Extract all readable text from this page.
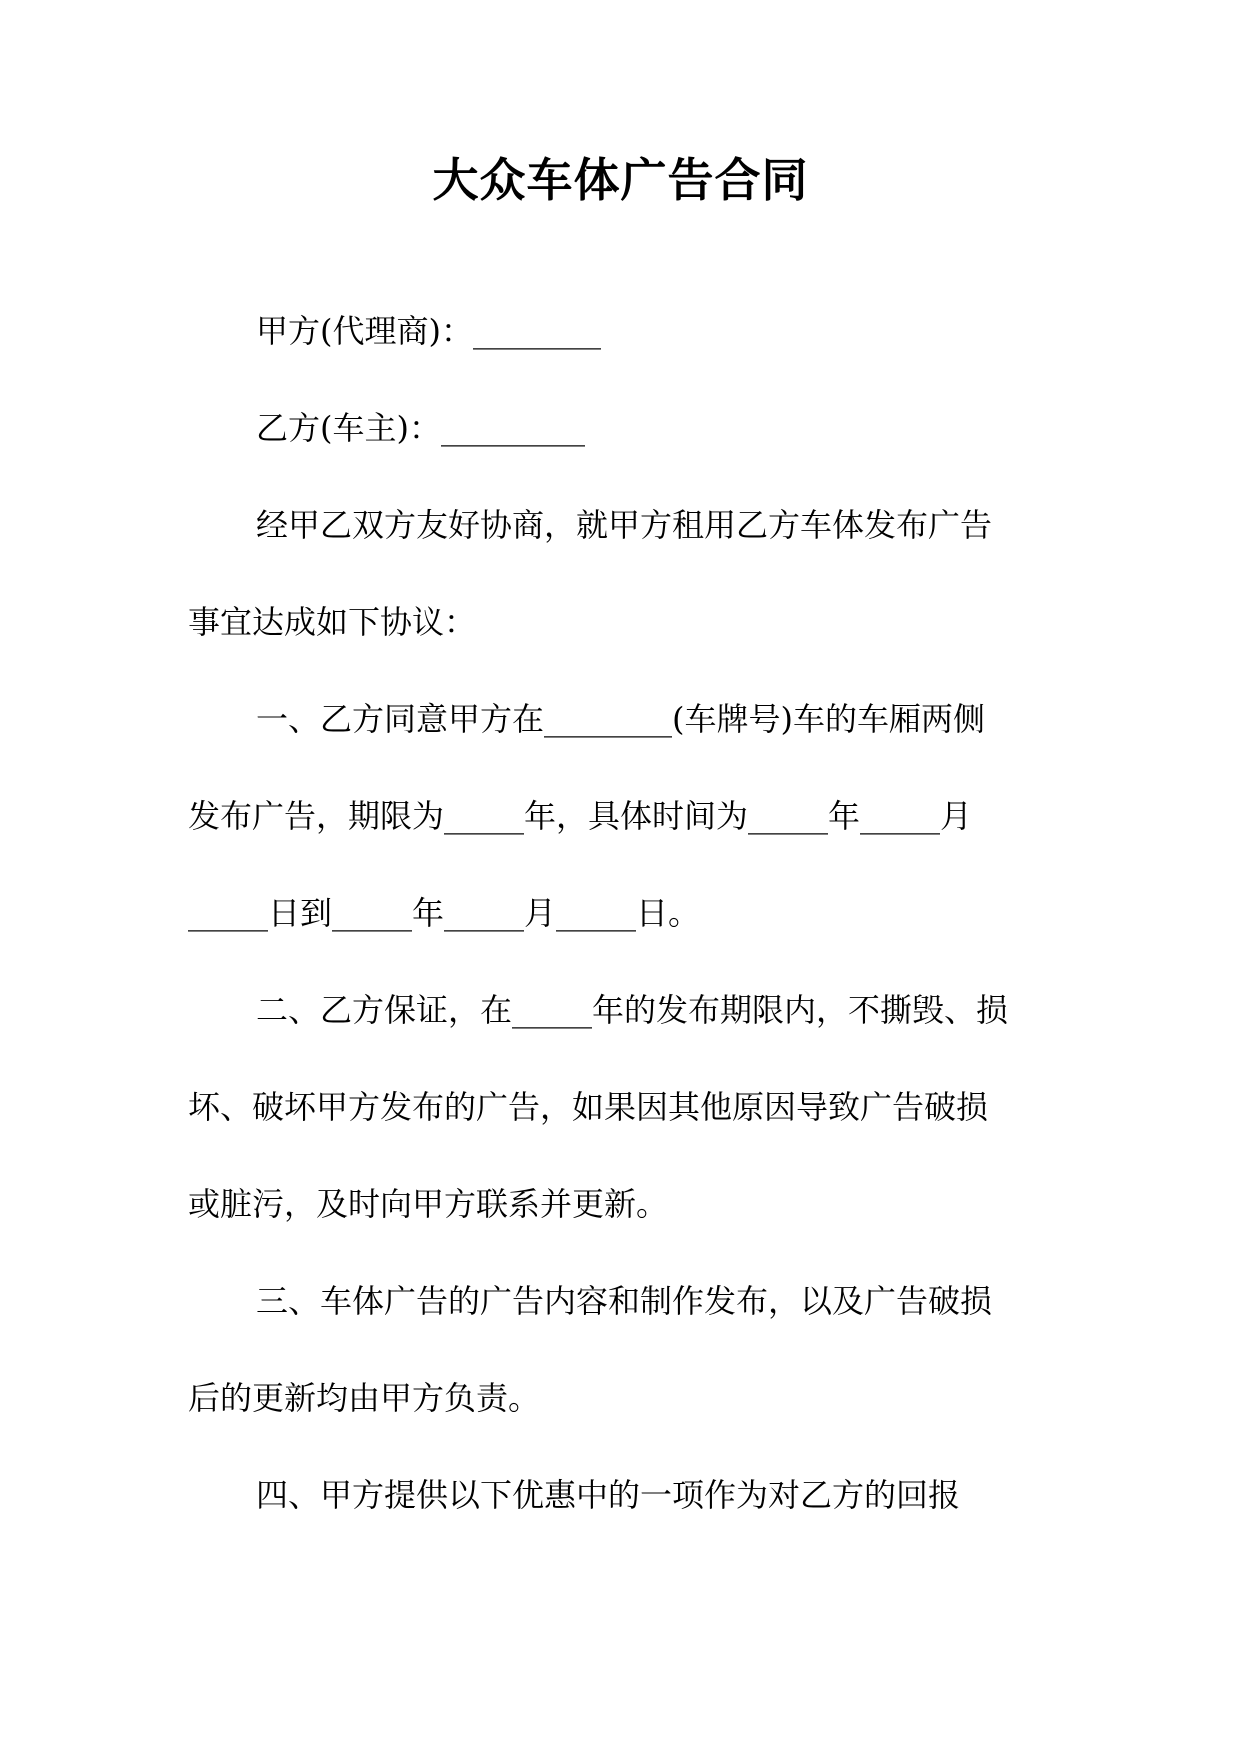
大众车体广告合同

甲方(代理商)：________

乙方(车主)：_________

经甲乙双方友好协商，就甲方租用乙方车体发布广告

事宜达成如下协议：

一、乙方同意甲方在________(车牌号)车的车厢两侧

发布广告，期限为_____年，具体时间为_____年_____月

_____日到_____年_____月_____日。

二、乙方保证，在_____年的发布期限内，不撕毁、损

坏、破坏甲方发布的广告，如果因其他原因导致广告破损

或脏污，及时向甲方联系并更新。

三、车体广告的广告内容和制作发布，以及广告破损

后的更新均由甲方负责。

四、甲方提供以下优惠中的一项作为对乙方的回报
